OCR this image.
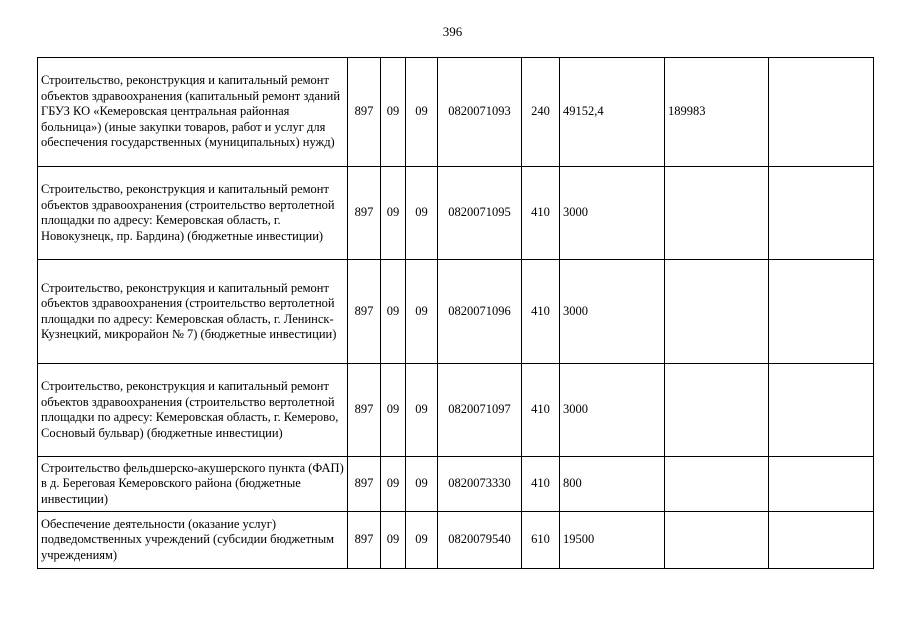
396
Строительство, реконструкция и капитальный ремонт объектов здравоохранения (капитальный ремонт зданий ГБУЗ КО «Кемеровская центральная районная больница») (иные закупки товаров, работ и услуг для обеспечения государственных (муниципальных) нужд)	897	09	09	0820071093	240	49152,4	189983	
Строительство, реконструкция и капитальный ремонт объектов здравоохранения (строительство вертолетной площадки по адресу: Кемеровская область, г. Новокузнецк, пр. Бардина) (бюджетные инвестиции)	897	09	09	0820071095	410	3000		
Строительство, реконструкция и капитальный ремонт объектов здравоохранения (строительство вертолетной площадки по адресу: Кемеровская область, г. Ленинск-Кузнецкий, микрорайон № 7) (бюджетные инвестиции)	897	09	09	0820071096	410	3000		
Строительство, реконструкция и капитальный ремонт объектов здравоохранения (строительство вертолетной площадки по адресу: Кемеровская область, г. Кемерово, Сосновый бульвар) (бюджетные инвестиции)	897	09	09	0820071097	410	3000		
Строительство фельдшерско-акушерского пункта (ФАП) в д. Береговая Кемеровского района (бюджетные инвестиции)	897	09	09	0820073330	410	800		
Обеспечение деятельности (оказание услуг) подведомственных учреждений (субсидии бюджетным учреждениям)	897	09	09	0820079540	610	19500		
